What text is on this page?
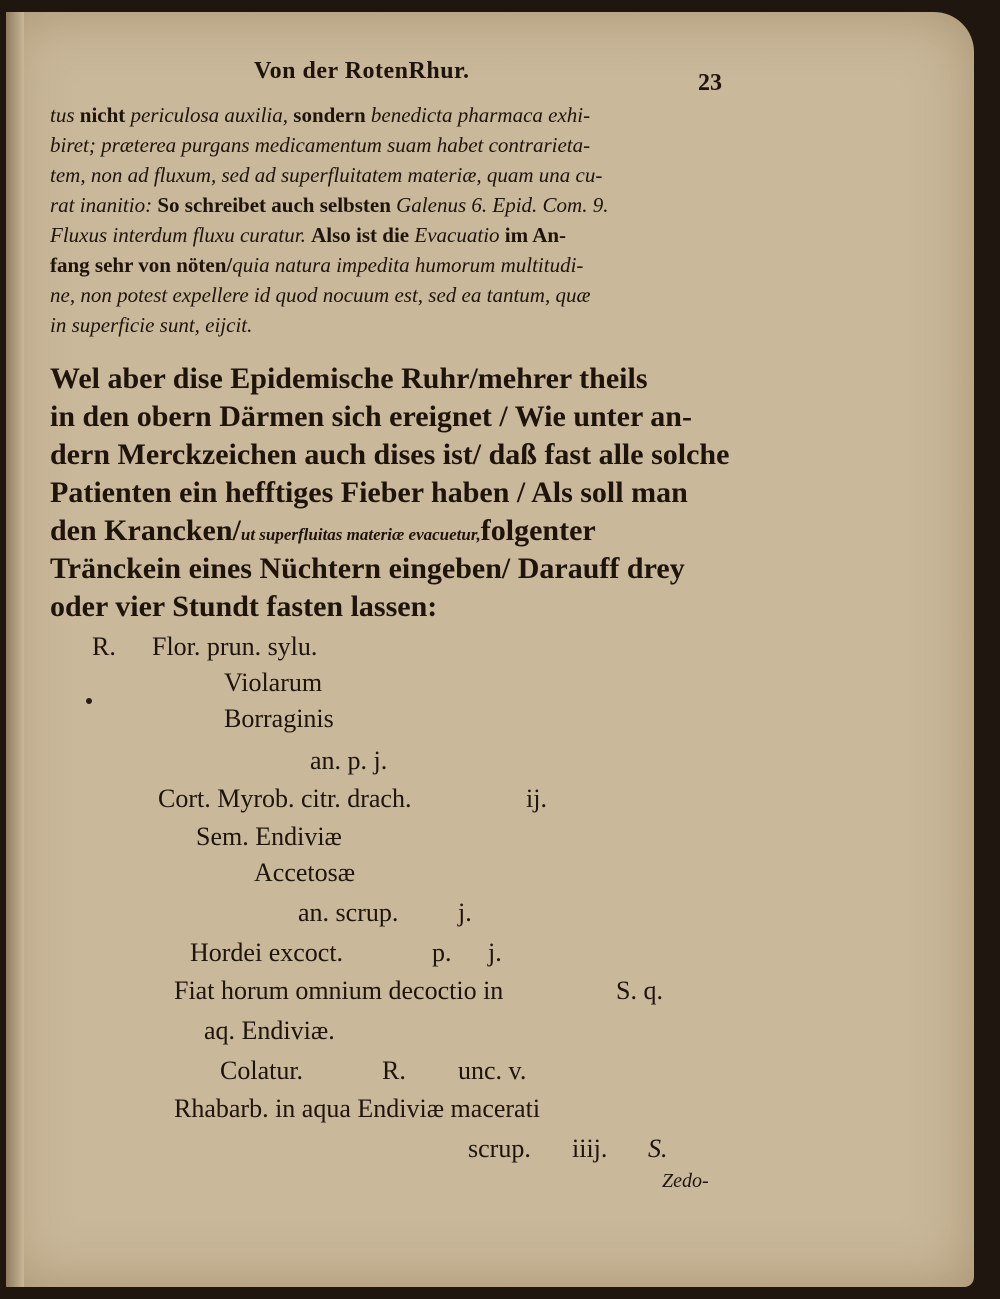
Von der RotenRhur.	23
tus nicht periculosa auxilia, sondern benedicta pharmaca exhi-
biret; præterea purgans medicamentum suam habet contrarieta-
tem, non ad fluxum, sed ad superfluitatem materiæ, quam una cu-
rat inanitio: So schreibet auch selbsten Galenus 6. Epid. Com. 9.
Fluxus interdum fluxu curatur. Also ist die Evacuatio im An-
fang sehr von nöten/quia natura impedita humorum multitudi-
ne, non potest expellere id quod nocuum est, sed ea tantum, quæ
in superficie sunt, eijcit.
Wel aber dise Epidemische Ruhr/mehrer theils
in den obern Därmen sich ereignet / Wie unter an-
dern Merckzeichen auch dises ist/ daß fast alle solche
Patienten ein hefftiges Fieber haben / Als soll man
den Krancken/ut superfluitas materiæ evacuetur,folgenter
Tränckein eines Nüchtern eingeben/ Darauff drey
oder vier Stundt fasten lassen:
R. Flor. prun. sylu.
Violarum
Borraginis
an. p. j.
Cort. Myrob. citr. drach.	ij.
Sem. Endiviæ
Accetosæ
an. scrup. j.
Hordei excoct.	p. j.
Fiat horum omnium decoctio in	S. q.
aq. Endiviæ.
Colatur.	R. unc. v.
Rhabarb. in aqua Endiviæ macerati
scrup. iiij. S.
Zedo-
